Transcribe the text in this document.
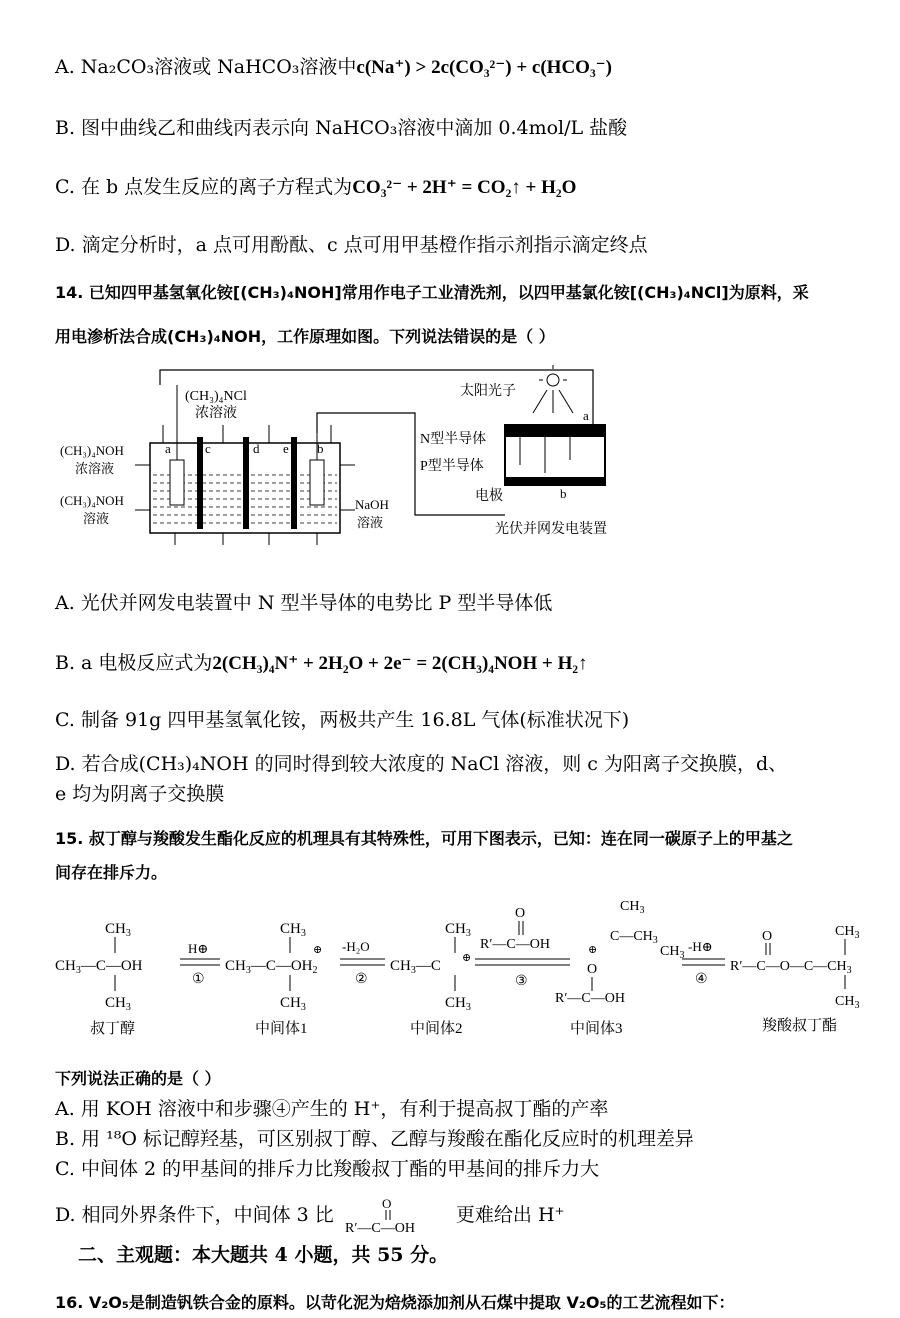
A. Na₂CO₃溶液或 NaHCO₃溶液中c(Na⁺) > 2c(CO₃²⁻) + c(HCO₃⁻)
B. 图中曲线乙和曲线丙表示向 NaHCO₃溶液中滴加 0.4mol/L 盐酸
C. 在 b 点发生反应的离子方程式为CO₃²⁻ + 2H⁺ = CO₂↑ + H₂O
D. 滴定分析时，a 点可用酚酞、c 点可用甲基橙作指示剂指示滴定终点
14. 已知四甲基氢氧化铵[(CH₃)₄NOH]常用作电子工业清洗剂，以四甲基氯化铵[(CH₃)₄NCl]为原料，采
用电渗析法合成(CH₃)₄NOH，工作原理如图。下列说法错误的是（ ）
(CH₃)₄NCl
浓溶液
(CH₃)₄NOH
浓溶液
(CH₃)₄NOH
溶液
NaOH
溶液
a	b
c	d e
太阳光子
N型半导体
P型半导体
电极
a
b
光伏并网发电装置
A. 光伏并网发电装置中 N 型半导体的电势比 P 型半导体低
B. a 电极反应式为2(CH₃)₄N⁺ + 2H₂O + 2e⁻ = 2(CH₃)₄NOH + H₂↑
C. 制备 91g 四甲基氢氧化铵，两极共产生 16.8L 气体(标准状况下)
D. 若合成(CH₃)₄NOH 的同时得到较大浓度的 NaCl 溶液，则 c 为阳离子交换膜，d、
e 均为阴离子交换膜
15. 叔丁醇与羧酸发生酯化反应的机理具有其特殊性，可用下图表示，已知：连在同一碳原子上的甲基之
间存在排斥力。
$CH_3$
$CH_3—C—OH$
$CH_3$
H⊕
①
$CH_3$
$CH_3—C—OH_2$
⊕
$CH_3$
-H₂O
②
$CH_3$
$CH_3—C$ ⊕
$CH_3$
O
R′—C—OH
③
$CH_3$
$C—CH_3$
$CH_3$
⊕
O
R′—C—OH
-H⊕
④
O
$R'—C—O—C—CH_3$
$CH_3$
$CH_3$
叔丁醇	中间体1	中间体2	中间体3	羧酸叔丁酯
下列说法正确的是（ ）
A. 用 KOH 溶液中和步骤④产生的 H⁺，有利于提高叔丁酯的产率
B. 用 ¹⁸O 标记醇羟基，可区别叔丁醇、乙醇与羧酸在酯化反应时的机理差异
C. 中间体 2 的甲基间的排斥力比羧酸叔丁酯的甲基间的排斥力大
D. 相同外界条件下，中间体 3 比
O
R′—C—OH
更难给出 H⁺
二、主观题：本大题共 4 小题，共 55 分。
16. V₂O₅是制造钒铁合金的原料。以苛化泥为焙烧添加剂从石煤中提取 V₂O₅的工艺流程如下：
